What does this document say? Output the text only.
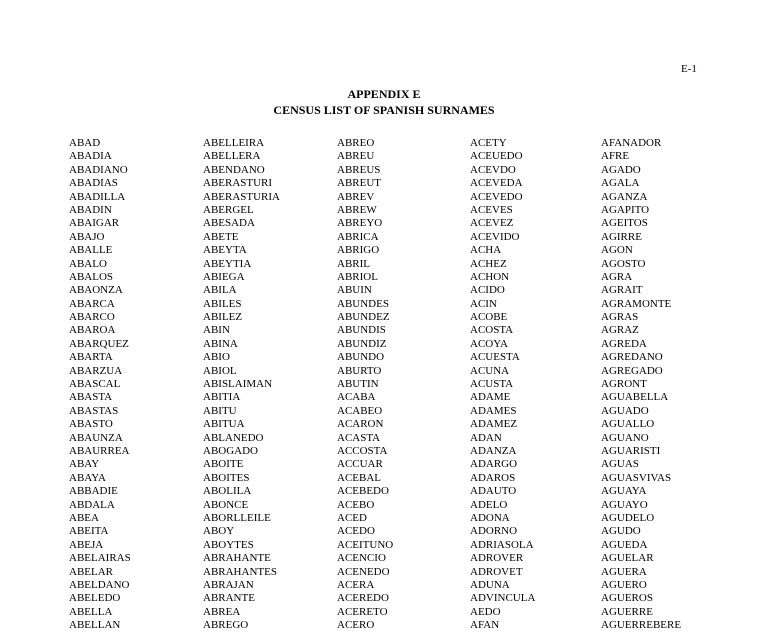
E-1
APPENDIX E
CENSUS LIST OF SPANISH SURNAMES
ABAD
ABADIA
ABADIANO
ABADIAS
ABADILLA
ABADIN
ABAIGAR
ABAJO
ABALLE
ABALO
ABALOS
ABAONZA
ABARCA
ABARCO
ABAROA
ABARQUEZ
ABARTA
ABARZUA
ABASCAL
ABASTA
ABASTAS
ABASTO
ABAUNZA
ABAURREA
ABAY
ABAYA
ABBADIE
ABDALA
ABEA
ABEITA
ABEJA
ABELAIRAS
ABELAR
ABELDANO
ABELEDO
ABELLA
ABELLAN
ABELLEIRA
ABELLERA
ABENDANO
ABERASTURI
ABERASTURIA
ABERGEL
ABESADA
ABETE
ABEYTA
ABEYTIA
ABIEGA
ABILA
ABILES
ABILEZ
ABIN
ABINA
ABIO
ABIOL
ABISLAIMAN
ABITIA
ABITU
ABITUA
ABLANEDO
ABOGADO
ABOITE
ABOITES
ABOLILA
ABONCE
ABORLLEILE
ABOY
ABOYTES
ABRAHANTE
ABRAHANTES
ABRAJAN
ABRANTE
ABREA
ABREGO
ABREO
ABREU
ABREUS
ABREUT
ABREV
ABREW
ABREYO
ABRICA
ABRIGO
ABRIL
ABRIOL
ABUIN
ABUNDES
ABUNDEZ
ABUNDIS
ABUNDIZ
ABUNDO
ABURTO
ABUTIN
ACABA
ACABEO
ACARON
ACASTA
ACCOSTA
ACCUAR
ACEBAL
ACEBEDO
ACEBO
ACED
ACEDO
ACEITUNO
ACENCIO
ACENEDO
ACERA
ACEREDO
ACERETO
ACERO
ACETY
ACEUEDO
ACEVDO
ACEVEDA
ACEVEDO
ACEVES
ACEVEZ
ACEVIDO
ACHA
ACHEZ
ACHON
ACIDO
ACIN
ACOBE
ACOSTA
ACOYA
ACUESTA
ACUNA
ACUSTA
ADAME
ADAMES
ADAMEZ
ADAN
ADANZA
ADARGO
ADAROS
ADAUTO
ADELO
ADONA
ADORNO
ADRIASOLA
ADROVER
ADROVET
ADUNA
ADVINCULA
AEDO
AFAN
AFANADOR
AFRE
AGADO
AGALA
AGANZA
AGAPITO
AGEITOS
AGIRRE
AGON
AGOSTO
AGRA
AGRAIT
AGRAMONTE
AGRAS
AGRAZ
AGREDA
AGREDANO
AGREGADO
AGRONT
AGUABELLA
AGUADO
AGUALLO
AGUANO
AGUARISTI
AGUAS
AGUASVIVAS
AGUAYA
AGUAYO
AGUDELO
AGUDO
AGUEDA
AGUELAR
AGUERA
AGUERO
AGUEROS
AGUERRE
AGUERREBERE
